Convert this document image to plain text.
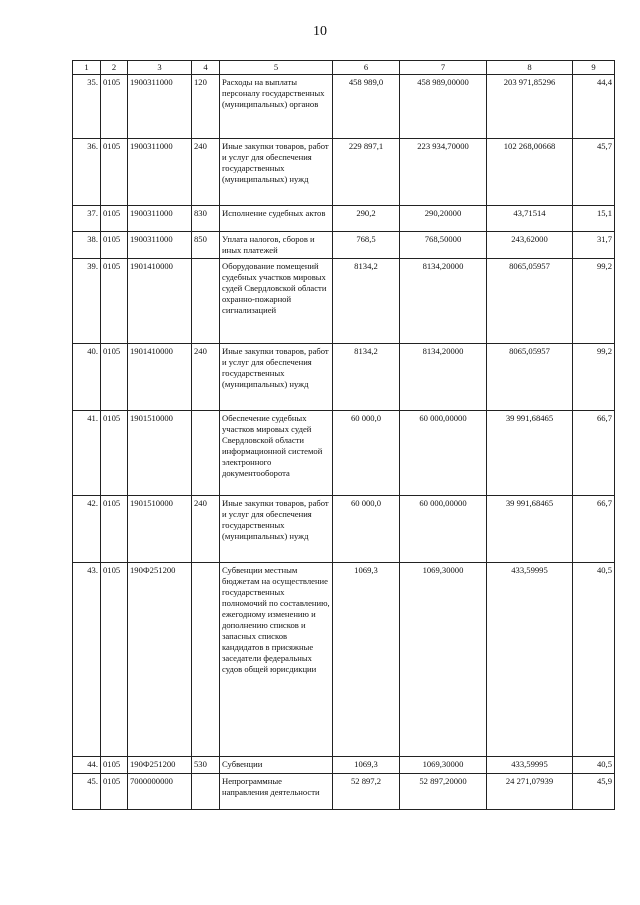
10
1	2	3	4	5	6	7	8	9
35.	0105	1900311000	120	Расходы на выплаты персоналу государственных (муниципальных) органов	458 989,0	458 989,00000	203 971,85296	44,4
36.	0105	1900311000	240	Иные закупки товаров, работ и услуг для обеспечения государственных (муниципальных) нужд	229 897,1	223 934,70000	102 268,00668	45,7
37.	0105	1900311000	830	Исполнение судебных актов	290,2	290,20000	43,71514	15,1
38.	0105	1900311000	850	Уплата налогов, сборов и иных платежей	768,5	768,50000	243,62000	31,7
39.	0105	1901410000		Оборудование помещений судебных участков мировых судей Свердловской области охранно-пожарной сигнализацией	8134,2	8134,20000	8065,05957	99,2
40.	0105	1901410000	240	Иные закупки товаров, работ и услуг для обеспечения государственных (муниципальных) нужд	8134,2	8134,20000	8065,05957	99,2
41.	0105	1901510000		Обеспечение судебных участков мировых судей Свердловской области информационной системой электронного документооборота	60 000,0	60 000,00000	39 991,68465	66,7
42.	0105	1901510000	240	Иные закупки товаров, работ и услуг для обеспечения государственных (муниципальных) нужд	60 000,0	60 000,00000	39 991,68465	66,7
43.	0105	190Ф251200		Субвенции местным бюджетам на осуществление государственных полномочий по составлению, ежегодному изменению и дополнению списков и запасных списков кандидатов в присяжные заседатели федеральных судов общей юрисдикции	1069,3	1069,30000	433,59995	40,5
44.	0105	190Ф251200	530	Субвенции	1069,3	1069,30000	433,59995	40,5
45.	0105	7000000000		Непрограммные направления деятельности	52 897,2	52 897,20000	24 271,07939	45,9
